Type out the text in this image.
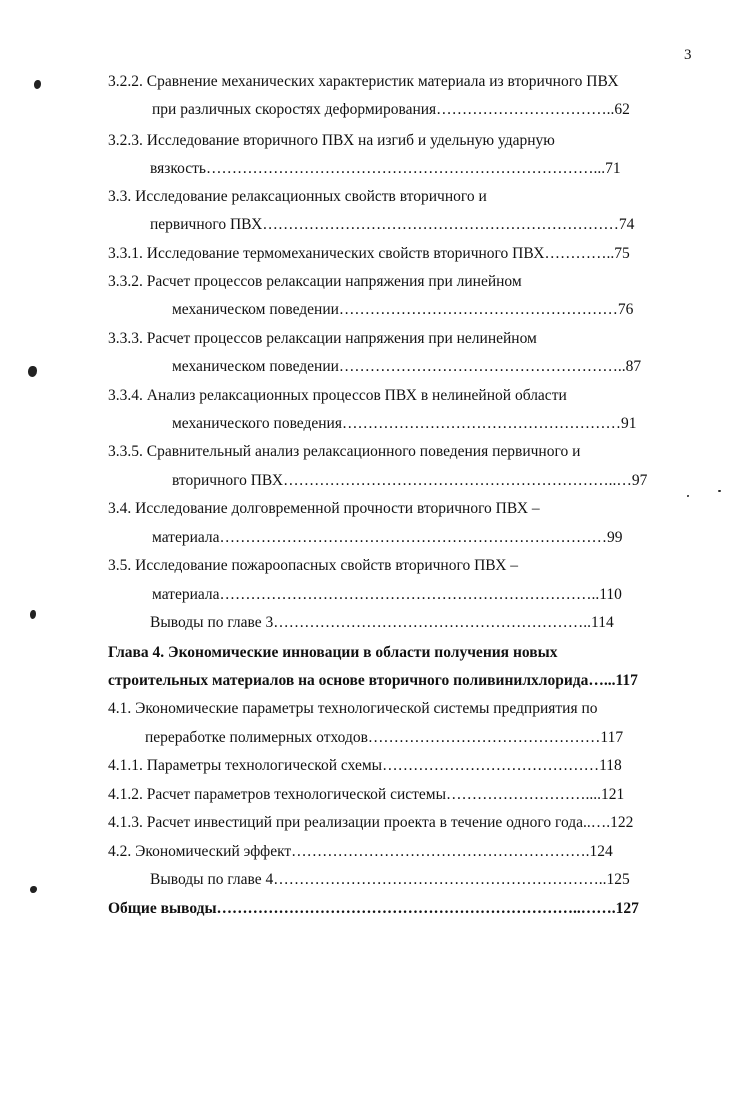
3
3.2.2. Сравнение механических характеристик материала из вторичного ПВХ
при различных скоростях деформирования……………………………..62
3.2.3. Исследование вторичного ПВХ на изгиб и удельную ударную
вязкость…………………………………………………………………...71
3.3. Исследование релаксационных свойств вторичного и
первичного ПВХ……………………………………………………………74
3.3.1. Исследование термомеханических свойств вторичного ПВХ…………..75
3.3.2. Расчет процессов релаксации напряжения при линейном
механическом поведении………………………………………………76
3.3.3. Расчет процессов релаксации напряжения при нелинейном
механическом поведении………………………………………………..87
3.3.4. Анализ релаксационных процессов ПВХ в нелинейной области
механического поведения………………………………………………91
3.3.5. Сравнительный анализ релаксационного поведения первичного и
вторичного ПВХ………………………………………………………..…97
3.4. Исследование долговременной прочности вторичного ПВХ –
материала…………………………………………………………………99
3.5. Исследование пожароопасных свойств вторичного ПВХ –
материала………………………………………………………………..110
Выводы по главе 3……………………………………………………..114
Глава 4. Экономические инновации в области получения новых
строительных материалов на основе вторичного поливинилхлорида…...117
4.1. Экономические параметры технологической системы предприятия по
переработке полимерных отходов………………………………………117
4.1.1. Параметры технологической схемы……………………………………118
4.1.2. Расчет параметров технологической системы………………………....121
4.1.3. Расчет инвестиций при реализации проекта в течение одного года..….122
4.2. Экономический эффект………………………………………………….124
Выводы по главе 4………………………………………………………..125
Общие выводы……………………………………………………………..…….127
